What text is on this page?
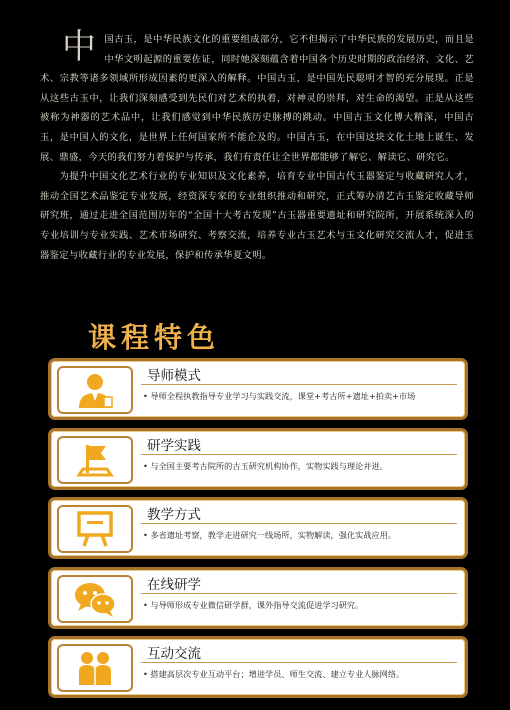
中国古玉，是中华民族文化的重要组成部分，它不但揭示了中华民族的发展历史，而且是中华文明起源的重要佐证，同时她深刻蕴含着中国各个历史时期的政治经济、文化、艺术、宗教等诸多领域所形成因素的更深入的解释。中国古玉，是中国先民聪明才智的充分展现。正是从这些古玉中，让我们深刻感受到先民们对艺术的执着，对神灵的崇拜，对生命的渴望。正是从这些被称为神器的艺术品中，让我们感觉到中华民族历史脉搏的跳动。中国古玉文化博大精深，中国古玉，是中国人的文化，是世界上任何国家所不能企及的。中国古玉，在中国这块文化土地上诞生、发展、鼎盛，今天的我们努力着保护与传承，我们有责任让全世界都能够了解它、解读它、研究它。

为提升中国文化艺术行业的专业知识及文化素养，培育专业中国古代玉器鉴定与收藏研究人才，推动全国艺术品鉴定专业发展，经资深专家的专业组织推动和研究，正式筹办清艺古玉鉴定收藏导师研究班，通过走进全国范围历年的“全国十大考古发现”古玉器重要遗址和研究院所，开展系统深入的专业培训与专业实践、艺术市场研究、考察交流，培养专业古玉艺术与玉文化研究交流人才，促进玉器鉴定与收藏行业的专业发展，保护和传承华夏文明。

课程特色
导师模式
• 导师全程执教指导专业学习与实践交流，课堂+考古所+遗址+拍卖+市场
研学实践
• 与全国主要考古院所的古玉研究机构协作，实物实践与理论并进。
教学方式
• 多省遗址考察，教学走进研究一线场所，实物解读，强化实战应用。
在线研学
• 与导师形成专业微信研学群，课外指导交流促进学习研究。
互动交流
• 搭建高层次专业互动平台；增进学员、师生交流、建立专业人脉网络。
